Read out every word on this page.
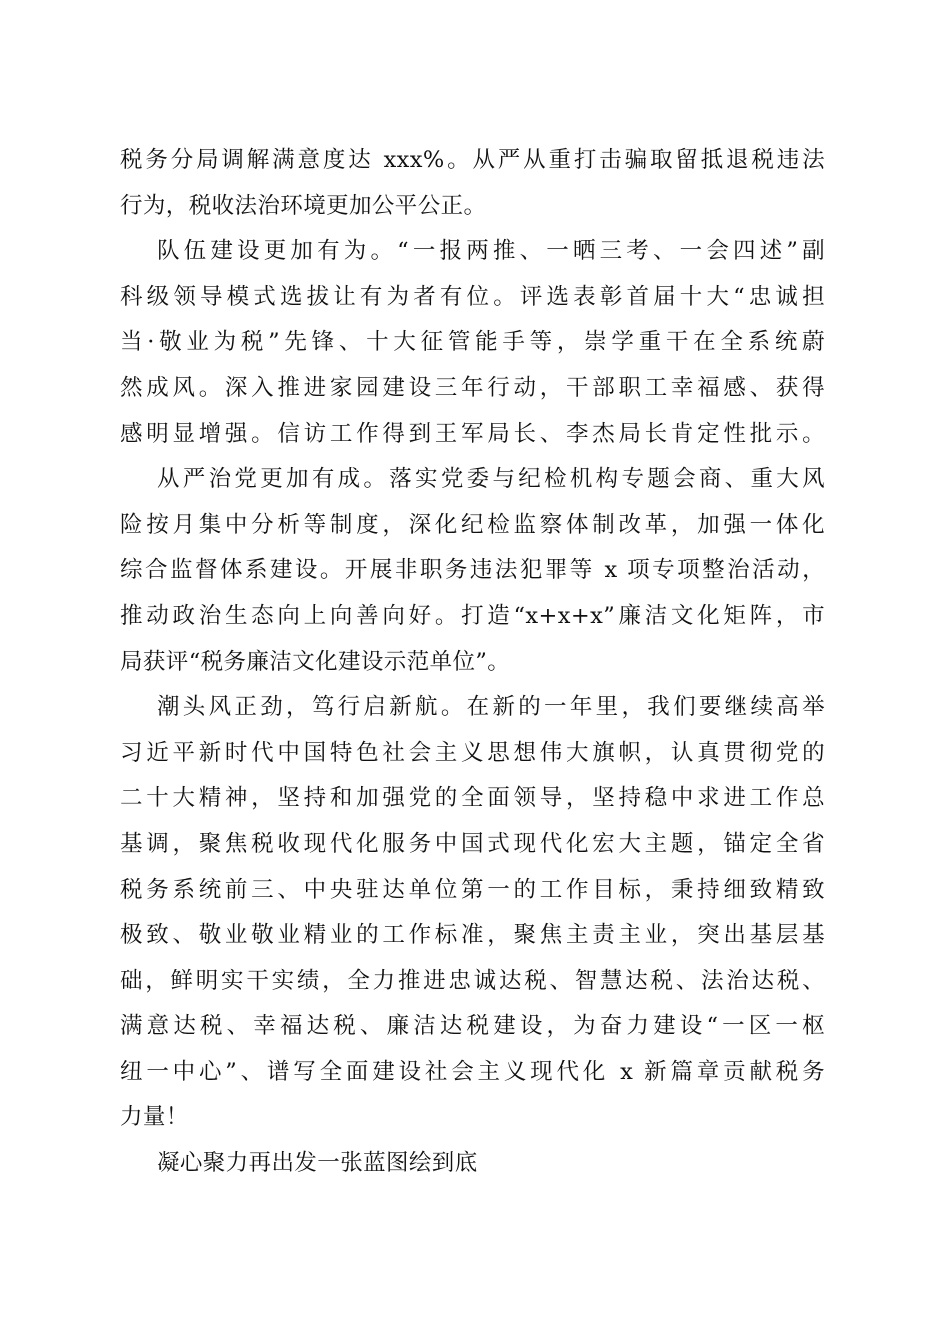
税务分局调解满意度达 xxx%。从严从重打击骗取留抵退税违法
行为，税收法治环境更加公平公正。
队伍建设更加有为。“一报两推、一晒三考、一会四述”副
科级领导模式选拔让有为者有位。评选表彰首届十大“忠诚担
当·敬业为税”先锋、十大征管能手等，崇学重干在全系统蔚
然成风。深入推进家园建设三年行动，干部职工幸福感、获得
感明显增强。信访工作得到王军局长、李杰局长肯定性批示。
从严治党更加有成。落实党委与纪检机构专题会商、重大风
险按月集中分析等制度，深化纪检监察体制改革，加强一体化
综合监督体系建设。开展非职务违法犯罪等 x 项专项整治活动，
推动政治生态向上向善向好。打造“x+x+x”廉洁文化矩阵，市
局获评“税务廉洁文化建设示范单位”。
潮头风正劲，笃行启新航。在新的一年里，我们要继续高举
习近平新时代中国特色社会主义思想伟大旗帜，认真贯彻党的
二十大精神，坚持和加强党的全面领导，坚持稳中求进工作总
基调，聚焦税收现代化服务中国式现代化宏大主题，锚定全省
税务系统前三、中央驻达单位第一的工作目标，秉持细致精致
极致、敬业敬业精业的工作标准，聚焦主责主业，突出基层基
础，鲜明实干实绩，全力推进忠诚达税、智慧达税、法治达税、
满意达税、幸福达税、廉洁达税建设，为奋力建设“一区一枢
纽一中心”、谱写全面建设社会主义现代化 x 新篇章贡献税务
力量！
凝心聚力再出发一张蓝图绘到底
